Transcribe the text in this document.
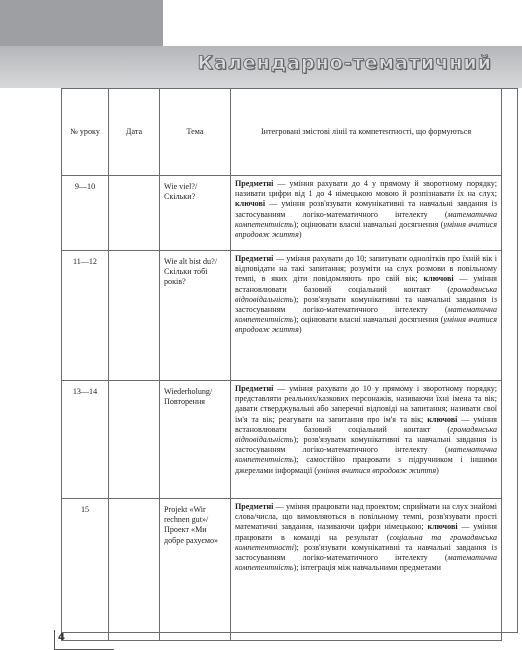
Календарно-тематичний
№ уроку	Дата	Тема	Інтегровані змістові лінії та компетентності, що формуються
9—10		Wie viel?/ Скільки?	Предметні — уміння рахувати до 4 у прямому й зворотному порядку; називати цифри від 1 до 4 німецькою мовою й розпізнавати їх на слух; ключові — уміння розв'язувати комунікативні та навчальні завдання із застосуванням логіко-математичного інтелекту (математична компетентність); оцінювати власні навчальні досягнення (уміння вчитися впродовж життя)
11—12		Wie alt bist du?/Скільки тобі років?	Предметні — уміння рахувати до 10; запитувати однолітків про їхній вік і відповідати на такі запитання; розуміти на слух розмови в повільному темпі, в яких діти повідомляють про свій вік; ключові — уміння встановлювати базовий соціальний контакт (громадянська відповідальність); розв'язувати комунікативні та навчальні завдання із застосуванням логіко-математичного інтелекту (математична компетентність); оцінювати власні навчальні досягнення (уміння вчитися впродовж життя)
13—14		Wiederholung/ Повторення	Предметні — уміння рахувати до 10 у прямому і зворотному порядку; представляти реальних/казкових персонажів, називаючи їхні імена та вік; давати стверджувальні або заперечні відповіді на запитання; називати свої ім'я та вік; реагувати на запитання про ім'я та вік; ключові — уміння встановлювати базовий соціальний контакт (громадянська відповідальність); розв'язувати комунікативні та навчальні завдання із застосуванням логіко-математичного інтелекту (математична компетентність); самостійно працювати з підручником і іншими джерелами інформації (уміння вчитися впродовж життя)
15		Projekt «Wir rechnen gut»/ Проект «Ми добре рахуємо»	Предметні — уміння працювати над проектом; сприймати на слух знайомі слова/числа, що вимовляються в повільному темпі, розв'язувати прості математичні завдання, називаючи цифри німецькою; ключові — уміння працювати в команді на результат (соціальна та громадянська компетентності); розв'язувати комунікативні та навчальні завдання із застосуванням логіко-математичного інтелекту (математична компетентність); інтеграція між навчальними предметами
4
